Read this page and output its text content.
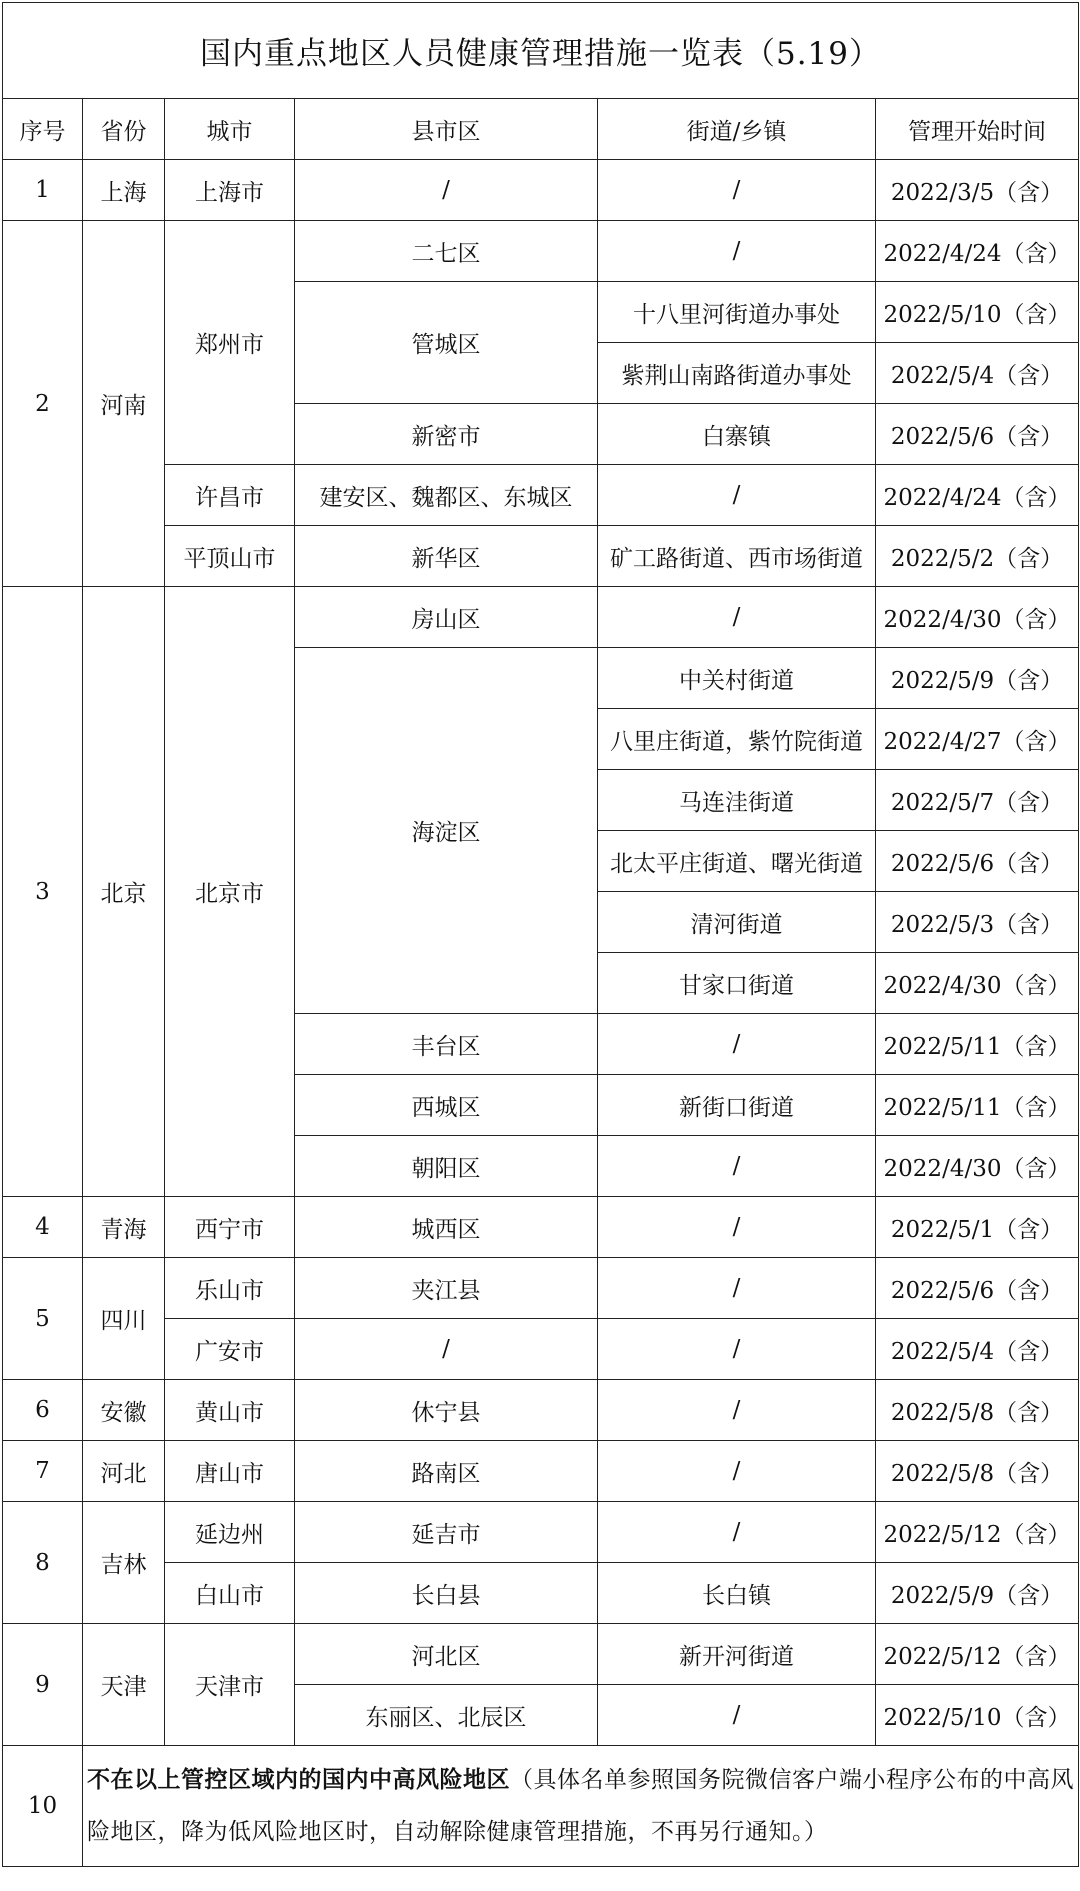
国内重点地区人员健康管理措施一览表（5.19）					
序号	省份	城市	县市区	街道/乡镇	管理开始时间
1	上海	上海市	/	/	2022/3/5（含）
2	河南	郑州市	二七区	/	2022/4/24（含）
			管城区	十八里河街道办事处	2022/5/10（含）
				紫荆山南路街道办事处	2022/5/4（含）
			新密市	白寨镇	2022/5/6（含）
		许昌市	建安区、魏都区、东城区	/	2022/4/24（含）
		平顶山市	新华区	矿工路街道、西市场街道	2022/5/2（含）
3	北京	北京市	房山区	/	2022/4/30（含）
			海淀区	中关村街道	2022/5/9（含）
				八里庄街道，紫竹院街道	2022/4/27（含）
				马连洼街道	2022/5/7（含）
				北太平庄街道、曙光街道	2022/5/6（含）
				清河街道	2022/5/3（含）
				甘家口街道	2022/4/30（含）
			丰台区	/	2022/5/11（含）
			西城区	新街口街道	2022/5/11（含）
			朝阳区	/	2022/4/30（含）
4	青海	西宁市	城西区	/	2022/5/1（含）
5	四川	乐山市	夹江县	/	2022/5/6（含）
		广安市	/	/	2022/5/4（含）
6	安徽	黄山市	休宁县	/	2022/5/8（含）
7	河北	唐山市	路南区	/	2022/5/8（含）
8	吉林	延边州	延吉市	/	2022/5/12（含）
		白山市	长白县	长白镇	2022/5/9（含）
9	天津	天津市	河北区	新开河街道	2022/5/12（含）
			东丽区、北辰区	/	2022/5/10（含）
10	不在以上管控区域内的国内中高风险地区（具体名单参照国务院微信客户端小程序公布的中高风险地区，降为低风险地区时，自动解除健康管理措施，不再另行通知。）				
